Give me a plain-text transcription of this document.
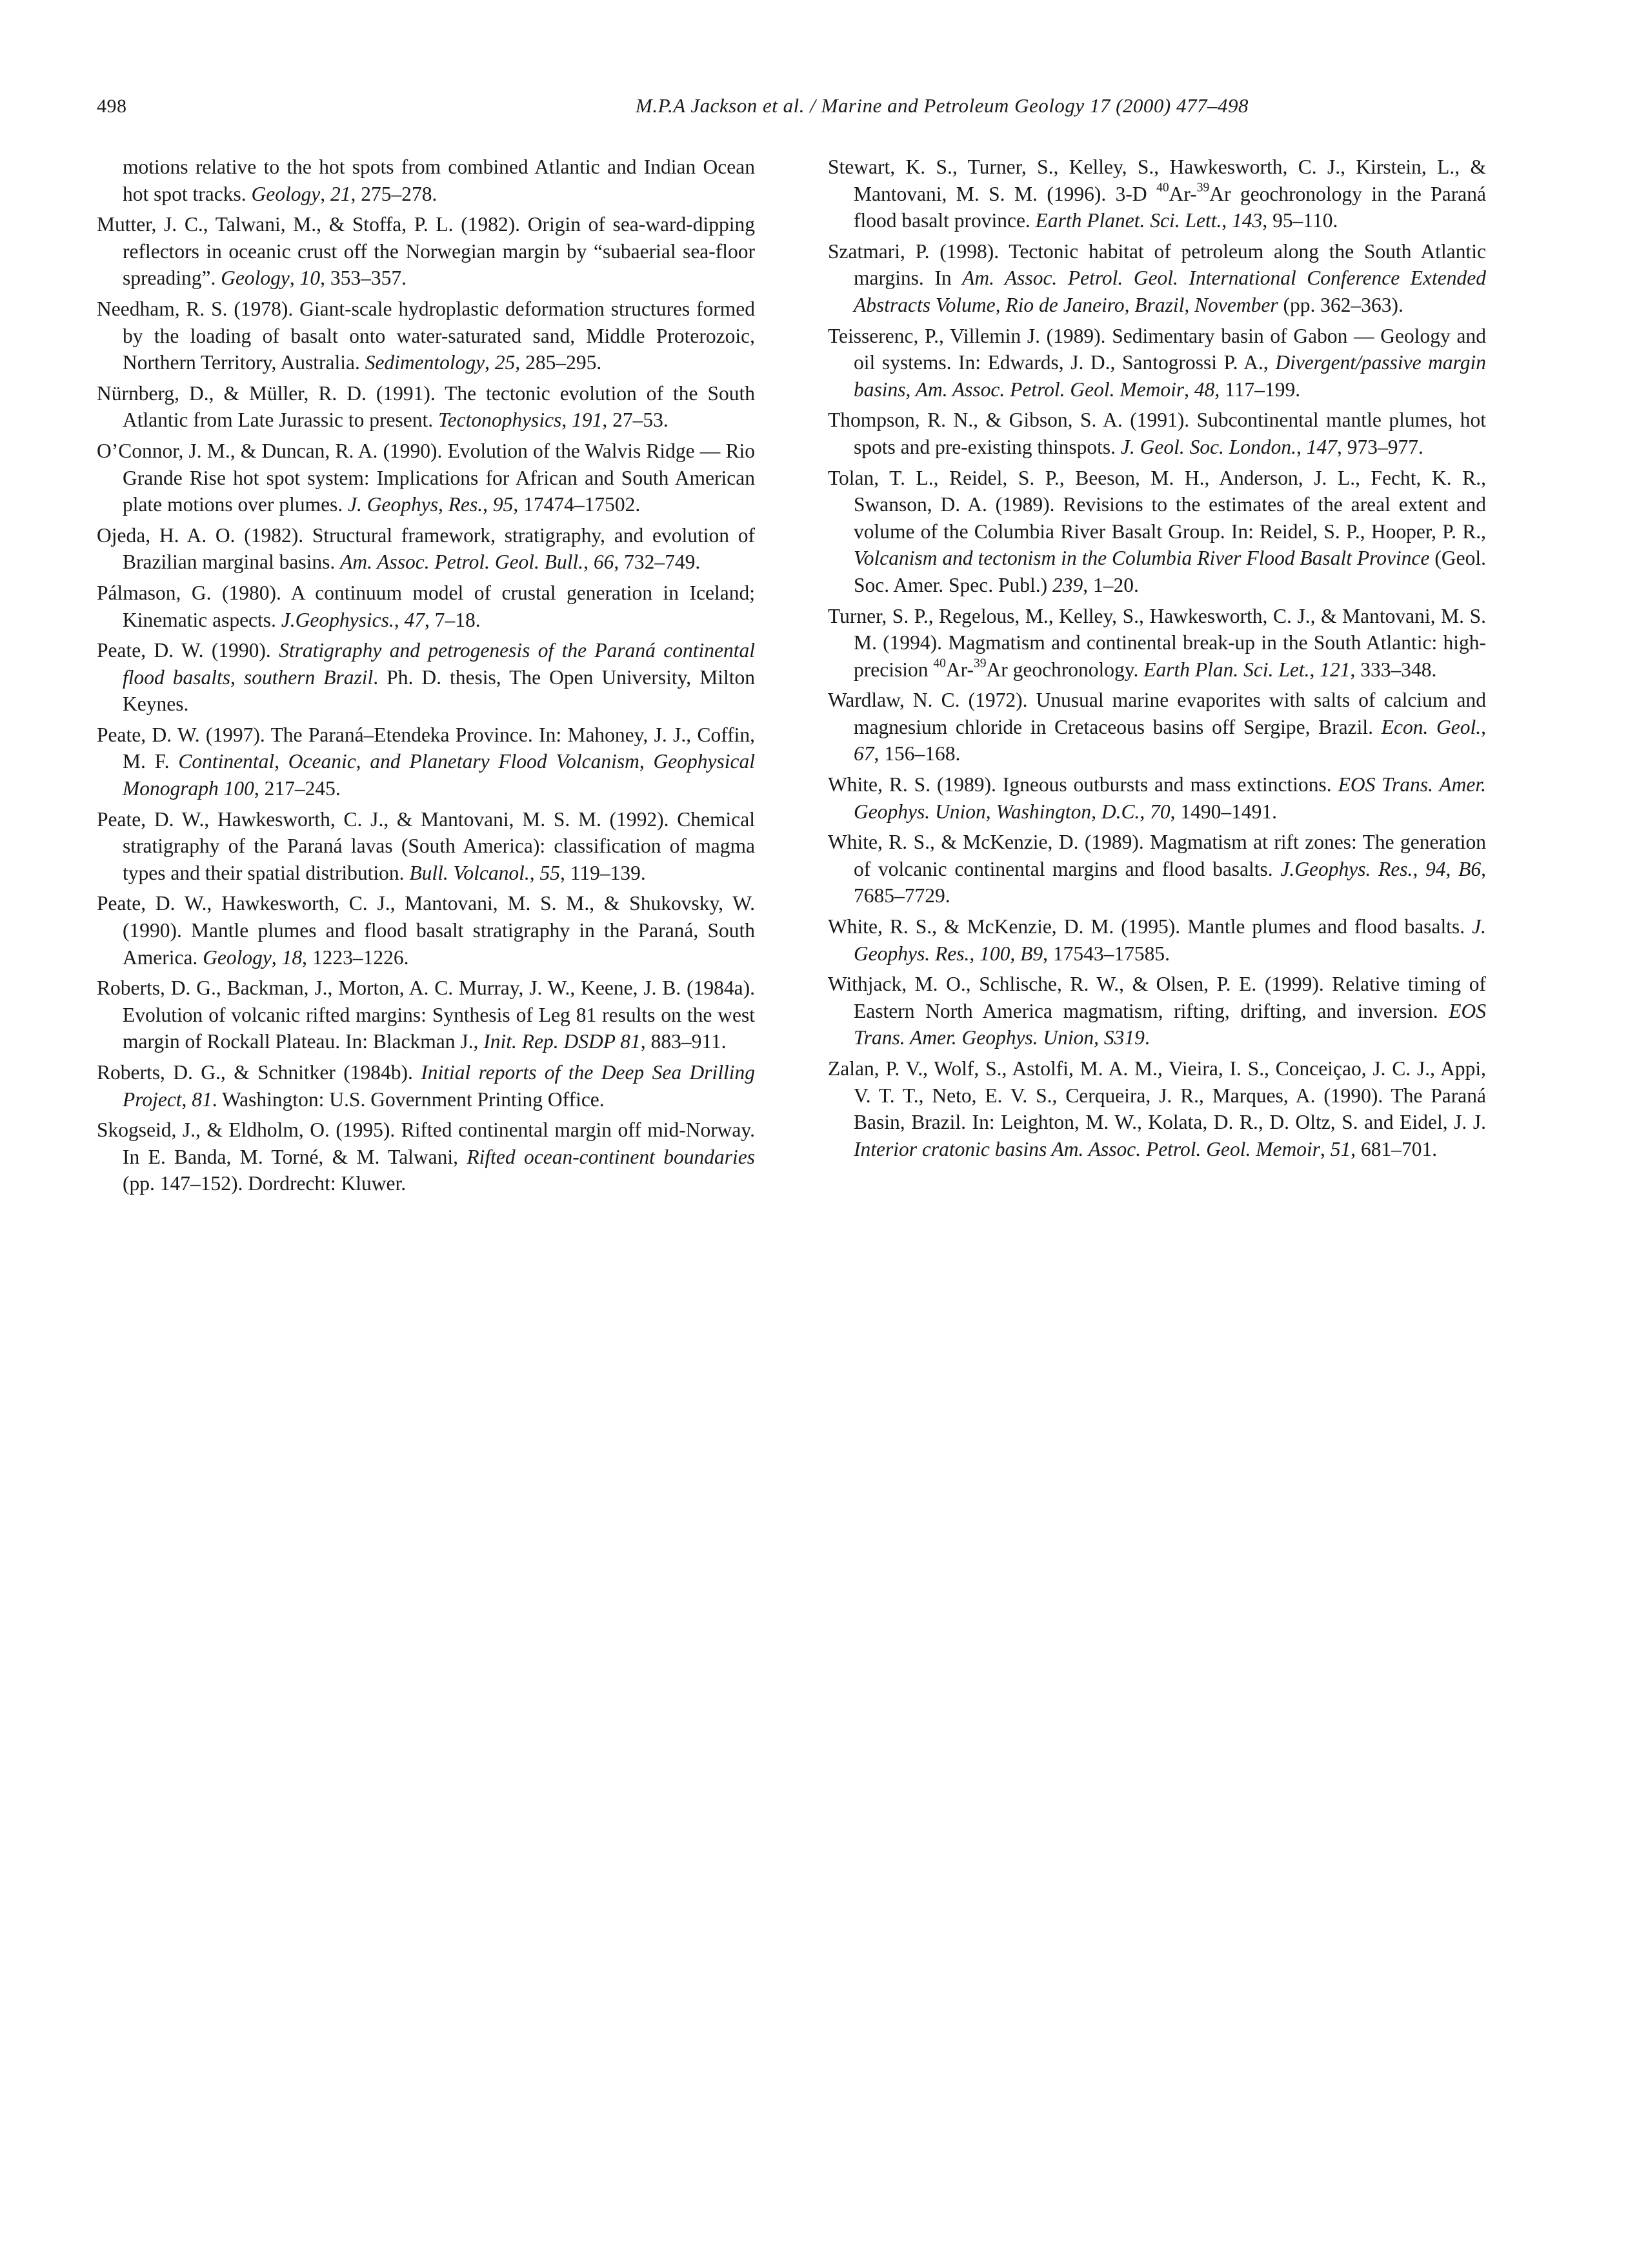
498	M.P.A Jackson et al. / Marine and Petroleum Geology 17 (2000) 477–498

motions relative to the hot spots from combined Atlantic and Indian Ocean hot spot tracks. Geology, 21, 275–278.

Mutter, J. C., Talwani, M., & Stoffa, P. L. (1982). Origin of sea-ward-dipping reflectors in oceanic crust off the Norwegian margin by “subaerial sea-floor spreading”. Geology, 10, 353–357.

Needham, R. S. (1978). Giant-scale hydroplastic deformation structures formed by the loading of basalt onto water-saturated sand, Middle Proterozoic, Northern Territory, Australia. Sedimentology, 25, 285–295.

Nürnberg, D., & Müller, R. D. (1991). The tectonic evolution of the South Atlantic from Late Jurassic to present. Tectonophysics, 191, 27–53.

O’Connor, J. M., & Duncan, R. A. (1990). Evolution of the Walvis Ridge — Rio Grande Rise hot spot system: Implications for African and South American plate motions over plumes. J. Geophys, Res., 95, 17474–17502.

Ojeda, H. A. O. (1982). Structural framework, stratigraphy, and evolution of Brazilian marginal basins. Am. Assoc. Petrol. Geol. Bull., 66, 732–749.

Pálmason, G. (1980). A continuum model of crustal generation in Iceland; Kinematic aspects. J.Geophysics., 47, 7–18.

Peate, D. W. (1990). Stratigraphy and petrogenesis of the Paraná continental flood basalts, southern Brazil. Ph. D. thesis, The Open University, Milton Keynes.

Peate, D. W. (1997). The Paraná–Etendeka Province. In: Mahoney, J. J., Coffin, M. F. Continental, Oceanic, and Planetary Flood Volcanism, Geophysical Monograph 100, 217–245.

Peate, D. W., Hawkesworth, C. J., & Mantovani, M. S. M. (1992). Chemical stratigraphy of the Paraná lavas (South America): classification of magma types and their spatial distribution. Bull. Volcanol., 55, 119–139.

Peate, D. W., Hawkesworth, C. J., Mantovani, M. S. M., & Shukovsky, W. (1990). Mantle plumes and flood basalt stratigraphy in the Paraná, South America. Geology, 18, 1223–1226.

Roberts, D. G., Backman, J., Morton, A. C. Murray, J. W., Keene, J. B. (1984a). Evolution of volcanic rifted margins: Synthesis of Leg 81 results on the west margin of Rockall Plateau. In: Blackman J., Init. Rep. DSDP 81, 883–911.

Roberts, D. G., & Schnitker (1984b). Initial reports of the Deep Sea Drilling Project, 81. Washington: U.S. Government Printing Office.

Skogseid, J., & Eldholm, O. (1995). Rifted continental margin off mid-Norway. In E. Banda, M. Torné, & M. Talwani, Rifted ocean-continent boundaries (pp. 147–152). Dordrecht: Kluwer.

Stewart, K. S., Turner, S., Kelley, S., Hawkesworth, C. J., Kirstein, L., & Mantovani, M. S. M. (1996). 3-D $^{40}$Ar-$^{39}$Ar geochronology in the Paraná flood basalt province. Earth Planet. Sci. Lett., 143, 95–110.

Szatmari, P. (1998). Tectonic habitat of petroleum along the South Atlantic margins. In Am. Assoc. Petrol. Geol. International Conference Extended Abstracts Volume, Rio de Janeiro, Brazil, November (pp. 362–363).

Teisserenc, P., Villemin J. (1989). Sedimentary basin of Gabon — Geology and oil systems. In: Edwards, J. D., Santogrossi P. A., Divergent/passive margin basins, Am. Assoc. Petrol. Geol. Memoir, 48, 117–199.

Thompson, R. N., & Gibson, S. A. (1991). Subcontinental mantle plumes, hot spots and pre-existing thinspots. J. Geol. Soc. London., 147, 973–977.

Tolan, T. L., Reidel, S. P., Beeson, M. H., Anderson, J. L., Fecht, K. R., Swanson, D. A. (1989). Revisions to the estimates of the areal extent and volume of the Columbia River Basalt Group. In: Reidel, S. P., Hooper, P. R., Volcanism and tectonism in the Columbia River Flood Basalt Province (Geol. Soc. Amer. Spec. Publ.) 239, 1–20.

Turner, S. P., Regelous, M., Kelley, S., Hawkesworth, C. J., & Mantovani, M. S. M. (1994). Magmatism and continental break-up in the South Atlantic: high-precision $^{40}$Ar-$^{39}$Ar geochronology. Earth Plan. Sci. Let., 121, 333–348.

Wardlaw, N. C. (1972). Unusual marine evaporites with salts of calcium and magnesium chloride in Cretaceous basins off Sergipe, Brazil. Econ. Geol., 67, 156–168.

White, R. S. (1989). Igneous outbursts and mass extinctions. EOS Trans. Amer. Geophys. Union, Washington, D.C., 70, 1490–1491.

White, R. S., & McKenzie, D. (1989). Magmatism at rift zones: The generation of volcanic continental margins and flood basalts. J.Geophys. Res., 94, B6, 7685–7729.

White, R. S., & McKenzie, D. M. (1995). Mantle plumes and flood basalts. J. Geophys. Res., 100, B9, 17543–17585.

Withjack, M. O., Schlische, R. W., & Olsen, P. E. (1999). Relative timing of Eastern North America magmatism, rifting, drifting, and inversion. EOS Trans. Amer. Geophys. Union, S319.

Zalan, P. V., Wolf, S., Astolfi, M. A. M., Vieira, I. S., Conceiçao, J. C. J., Appi, V. T. T., Neto, E. V. S., Cerqueira, J. R., Marques, A. (1990). The Paraná Basin, Brazil. In: Leighton, M. W., Kolata, D. R., D. Oltz, S. and Eidel, J. J. Interior cratonic basins Am. Assoc. Petrol. Geol. Memoir, 51, 681–701.
